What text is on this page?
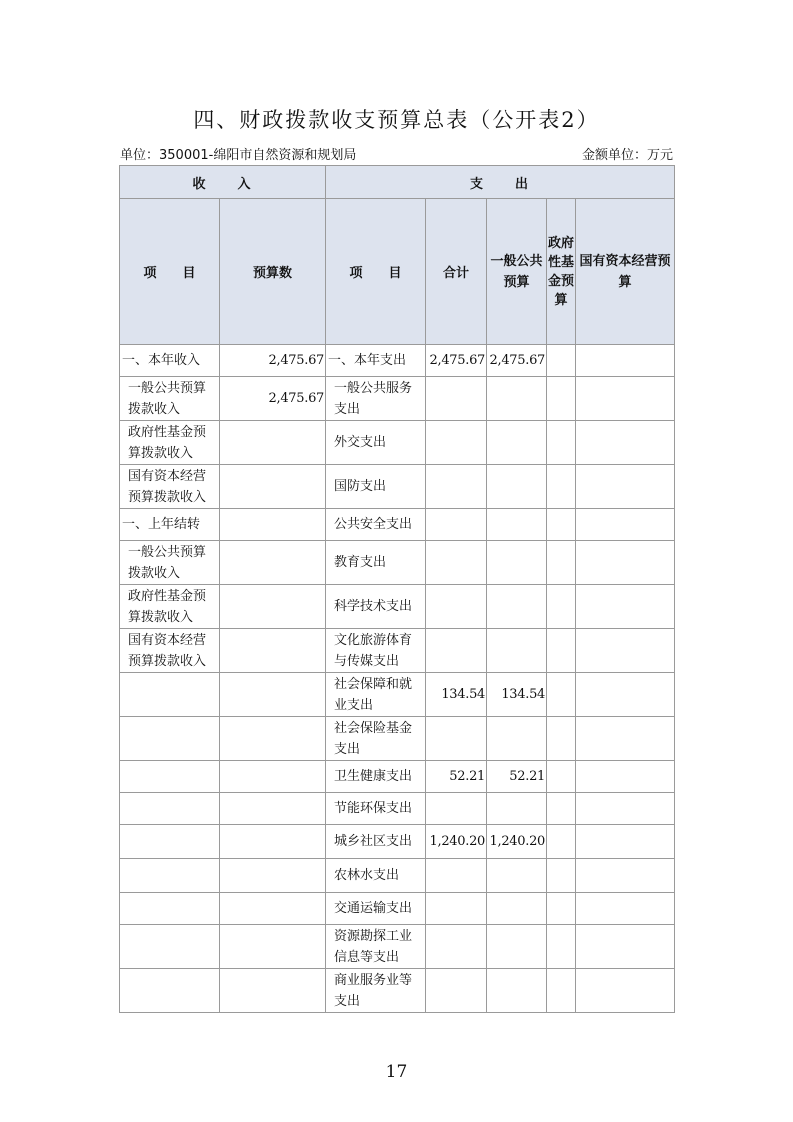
四、财政拨款收支预算总表（公开表2）
单位：350001-绵阳市自然资源和规划局	金额单位：万元
收　　入		支　　出				
项　　目	预算数	项　　目	合计	一般公共预算	政府性基金预算	国有资本经营预算
一、本年收入	2,475.67	一、本年支出	2,475.67	2,475.67		
一般公共预算拨款收入	2,475.67	一般公共服务支出				
政府性基金预算拨款收入		外交支出				
国有资本经营预算拨款收入		国防支出				
一、上年结转		公共安全支出				
一般公共预算拨款收入		教育支出				
政府性基金预算拨款收入		科学技术支出				
国有资本经营预算拨款收入		文化旅游体育与传媒支出				
		社会保障和就业支出	134.54	134.54		
		社会保险基金支出				
		卫生健康支出	52.21	52.21		
		节能环保支出				
		城乡社区支出	1,240.20	1,240.20		
		农林水支出				
		交通运输支出				
		资源勘探工业信息等支出				
		商业服务业等支出				
17
